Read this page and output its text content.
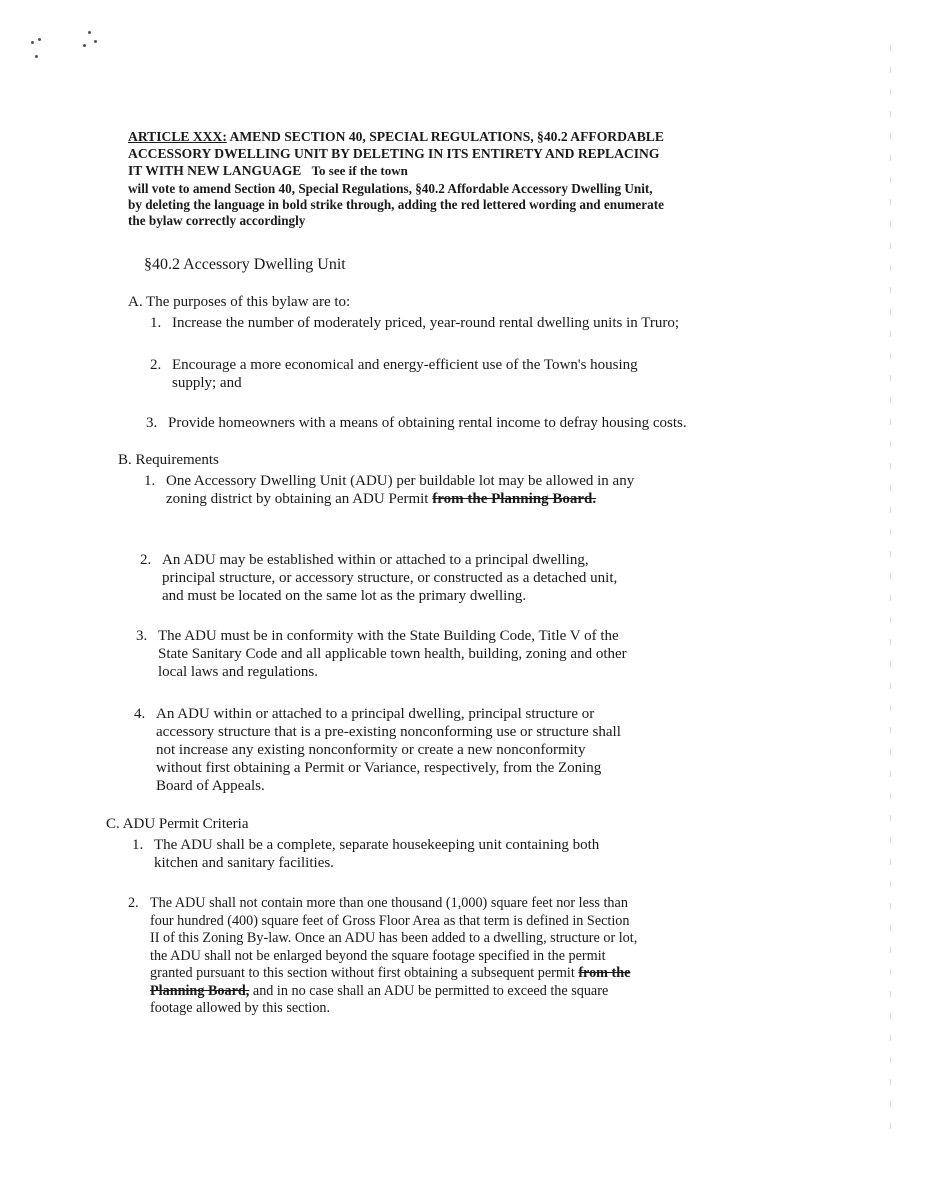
ARTICLE XXX: AMEND SECTION 40, SPECIAL REGULATIONS, §40.2 AFFORDABLE ACCESSORY DWELLING UNIT BY DELETING IN ITS ENTIRETY AND REPLACING IT WITH NEW LANGUAGE To see if the town
will vote to amend Section 40, Special Regulations, §40.2 Affordable Accessory Dwelling Unit, by deleting the language in bold strike through, adding the red lettered wording and enumerate the bylaw correctly accordingly
§40.2 Accessory Dwelling Unit
A. The purposes of this bylaw are to:
1. Increase the number of moderately priced, year-round rental dwelling units in Truro;
2. Encourage a more economical and energy-efficient use of the Town's housing supply; and
3. Provide homeowners with a means of obtaining rental income to defray housing costs.
B. Requirements
1. One Accessory Dwelling Unit (ADU) per buildable lot may be allowed in any zoning district by obtaining an ADU Permit from the Planning Board.
2. An ADU may be established within or attached to a principal dwelling, principal structure, or accessory structure, or constructed as a detached unit, and must be located on the same lot as the primary dwelling.
3. The ADU must be in conformity with the State Building Code, Title V of the State Sanitary Code and all applicable town health, building, zoning and other local laws and regulations.
4. An ADU within or attached to a principal dwelling, principal structure or accessory structure that is a pre-existing nonconforming use or structure shall not increase any existing nonconformity or create a new nonconformity without first obtaining a Permit or Variance, respectively, from the Zoning Board of Appeals.
C. ADU Permit Criteria
1. The ADU shall be a complete, separate housekeeping unit containing both kitchen and sanitary facilities.
2. The ADU shall not contain more than one thousand (1,000) square feet nor less than four hundred (400) square feet of Gross Floor Area as that term is defined in Section II of this Zoning By-law. Once an ADU has been added to a dwelling, structure or lot, the ADU shall not be enlarged beyond the square footage specified in the permit granted pursuant to this section without first obtaining a subsequent permit from the Planning Board, and in no case shall an ADU be permitted to exceed the square footage allowed by this section.
